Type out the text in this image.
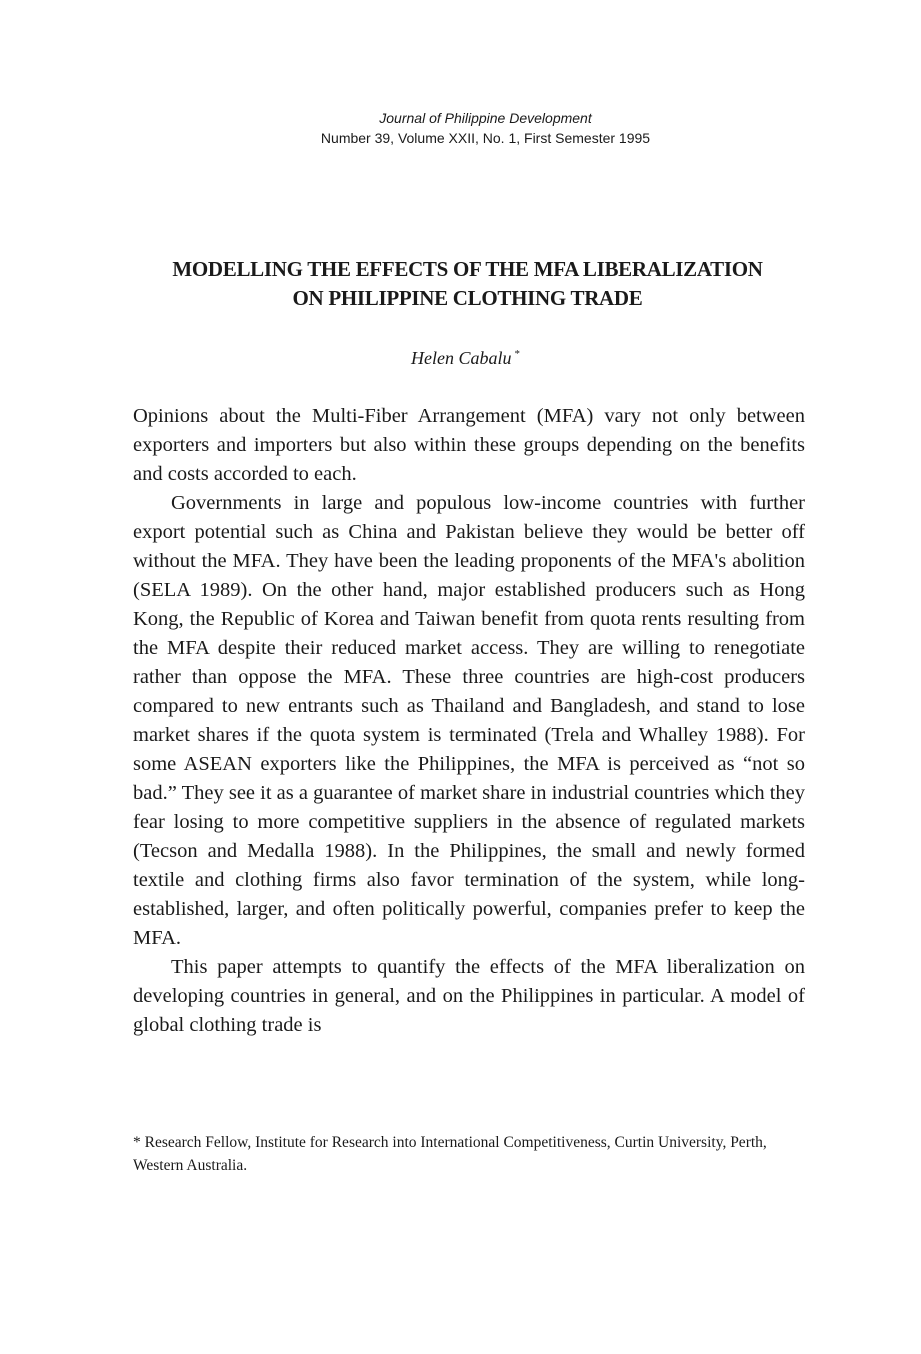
Journal of Philippine Development
Number 39, Volume XXII, No. 1, First Semester 1995
MODELLING THE EFFECTS OF THE MFA LIBERALIZATION
ON PHILIPPINE CLOTHING TRADE
Helen Cabalu *

Opinions about the Multi-Fiber Arrangement (MFA) vary not only between exporters and importers but also within these groups depending on the benefits and costs accorded to each.

Governments in large and populous low-income countries with further export potential such as China and Pakistan believe they would be better off without the MFA. They have been the leading proponents of the MFA's abolition (SELA 1989). On the other hand, major established producers such as Hong Kong, the Republic of Korea and Taiwan benefit from quota rents resulting from the MFA despite their reduced market access. They are willing to renegotiate rather than oppose the MFA. These three countries are high-cost producers compared to new entrants such as Thailand and Bangladesh, and stand to lose market shares if the quota system is terminated (Trela and Whalley 1988). For some ASEAN exporters like the Philippines, the MFA is perceived as “not so bad.” They see it as a guarantee of market share in industrial countries which they fear losing to more competitive suppliers in the absence of regulated markets (Tecson and Medalla 1988). In the Philippines, the small and newly formed textile and clothing firms also favor termination of the system, while long-established, larger, and often politically powerful, companies prefer to keep the MFA.

This paper attempts to quantify the effects of the MFA liberalization on developing countries in general, and on the Philippines in particular. A model of global clothing trade is

* Research Fellow, Institute for Research into International Competitiveness, Curtin University, Perth, Western Australia.
